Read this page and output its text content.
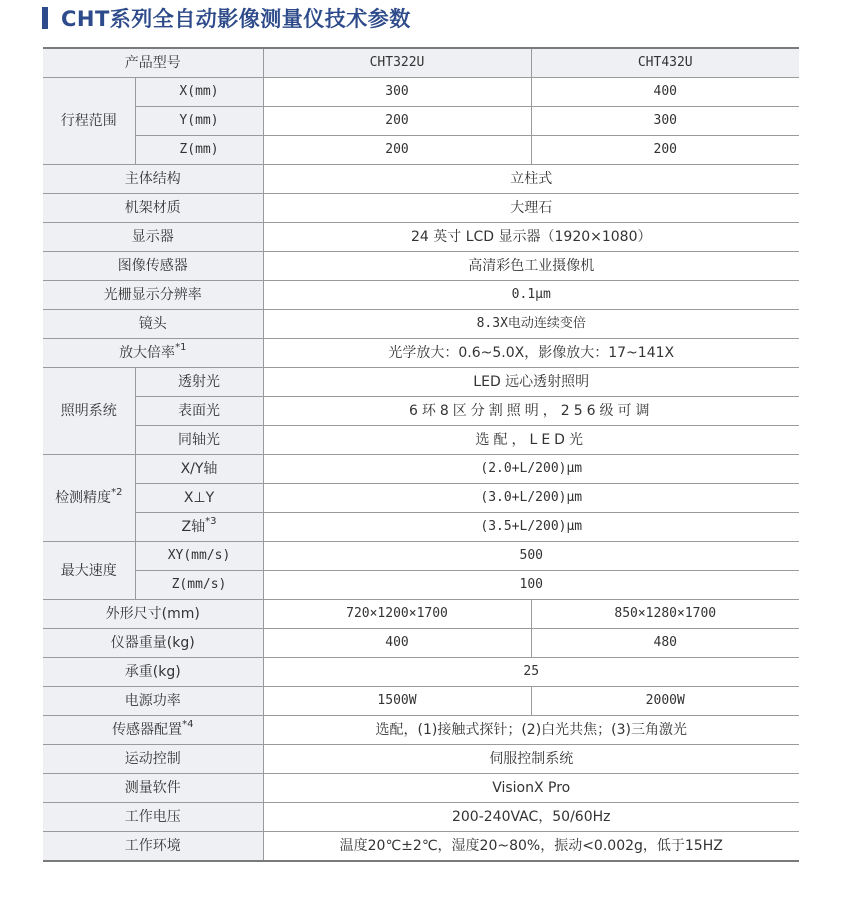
CHT系列全自动影像测量仪技术参数
产品型号		CHT322U	CHT432U
行程范围	X(mm)	300	400
	Y(mm)	200	300
	Z(mm)	200	200
主体结构		立柱式	
机架材质		大理石	
显示器		24 英寸 LCD 显示器（1920×1080）	
图像传感器		高清彩色工业摄像机	
光栅显示分辨率		0.1μm	
镜头		8.3X电动连续变倍	
放大倍率$^{*1}$		光学放大：0.6~5.0X，影像放大：17~141X	
照明系统	透射光	LED 远心透射照明	
	表面光	6环8区分割照明，256级可调	
	同轴光	选配，LED光	
检测精度$^{*2}$	X/Y轴	(2.0+L/200)μm	
	X⊥Y	(3.0+L/200)μm	
	Z轴$^{*3}$	(3.5+L/200)μm	
最大速度	XY(mm/s)	500	
	Z(mm/s)	100	
外形尺寸(mm)		720×1200×1700	850×1280×1700
仪器重量(kg)		400	480
承重(kg)		25	
电源功率		1500W	2000W
传感器配置$^{*4}$		选配，(1)接触式探针；(2)白光共焦；(3)三角激光	
运动控制		伺服控制系统	
测量软件		VisionX Pro	
工作电压		200-240VAC，50/60Hz	
工作环境		温度20℃±2℃，湿度20~80%，振动<0.002g，低于15HZ	
